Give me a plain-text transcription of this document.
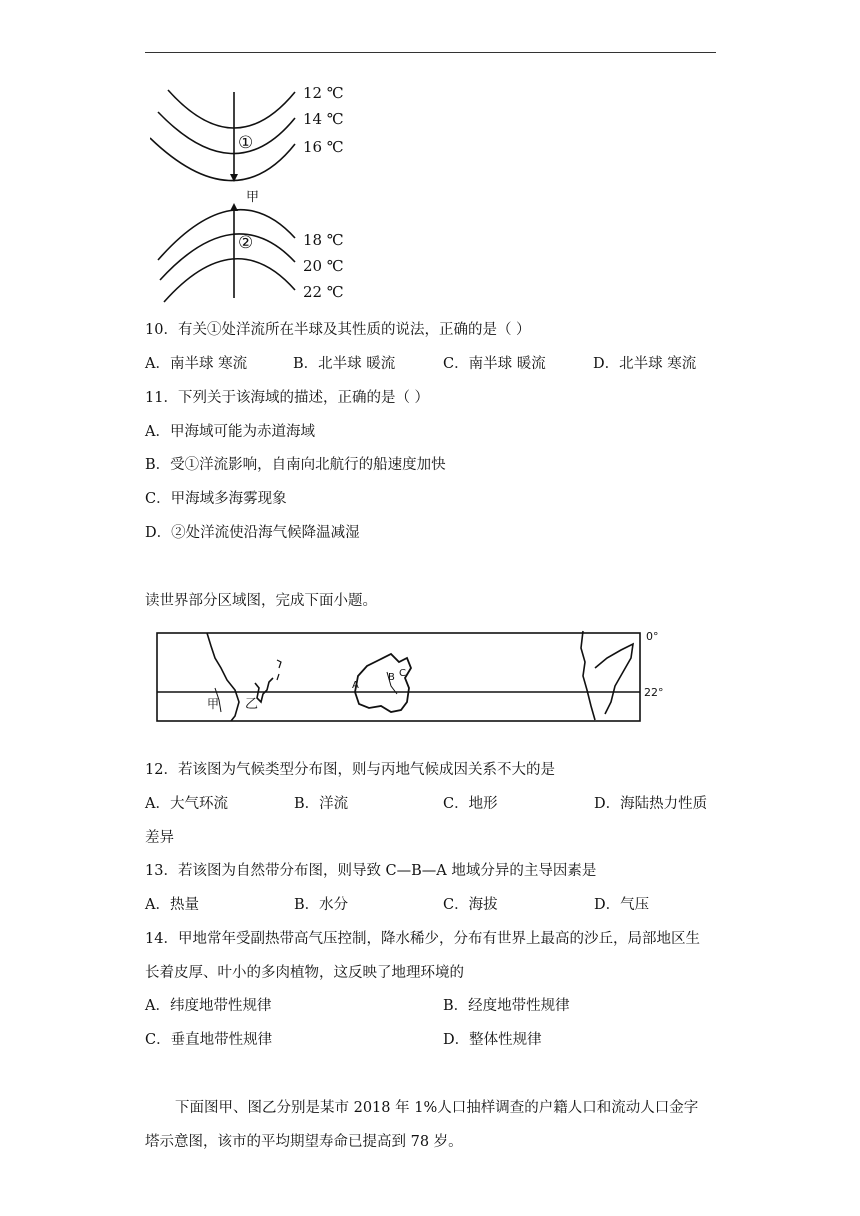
12 ℃
14 ℃
16 ℃
18 ℃
20 ℃
22 ℃
①
②
甲
10．有关①处洋流所在半球及其性质的说法，正确的是（ ）
A．南半球 寒流	B．北半球 暖流	C．南半球 暖流	D．北半球 寒流
11．下列关于该海域的描述，正确的是（ ）
A．甲海域可能为赤道海域
B．受①洋流影响，自南向北航行的船速度加快
C．甲海域多海雾现象
D．②处洋流使沿海气候降温减湿
读世界部分区域图，完成下面小题。
0°
22°
甲 乙
A
B C
12．若该图为气候类型分布图，则与丙地气候成因关系不大的是
A．大气环流	B．洋流	C．地形	D．海陆热力性质
差异
13．若该图为自然带分布图，则导致 C—B—A 地域分异的主导因素是
A．热量	B．水分	C．海拔	D．气压
14．甲地常年受副热带高气压控制，降水稀少，分布有世界上最高的沙丘，局部地区生
长着皮厚、叶小的多肉植物，这反映了地理环境的
A．纬度地带性规律	B．经度地带性规律
C．垂直地带性规律	D．整体性规律
下面图甲、图乙分别是某市 2018 年 1%人口抽样调查的户籍人口和流动人口金字
塔示意图，该市的平均期望寿命已提高到 78 岁。
